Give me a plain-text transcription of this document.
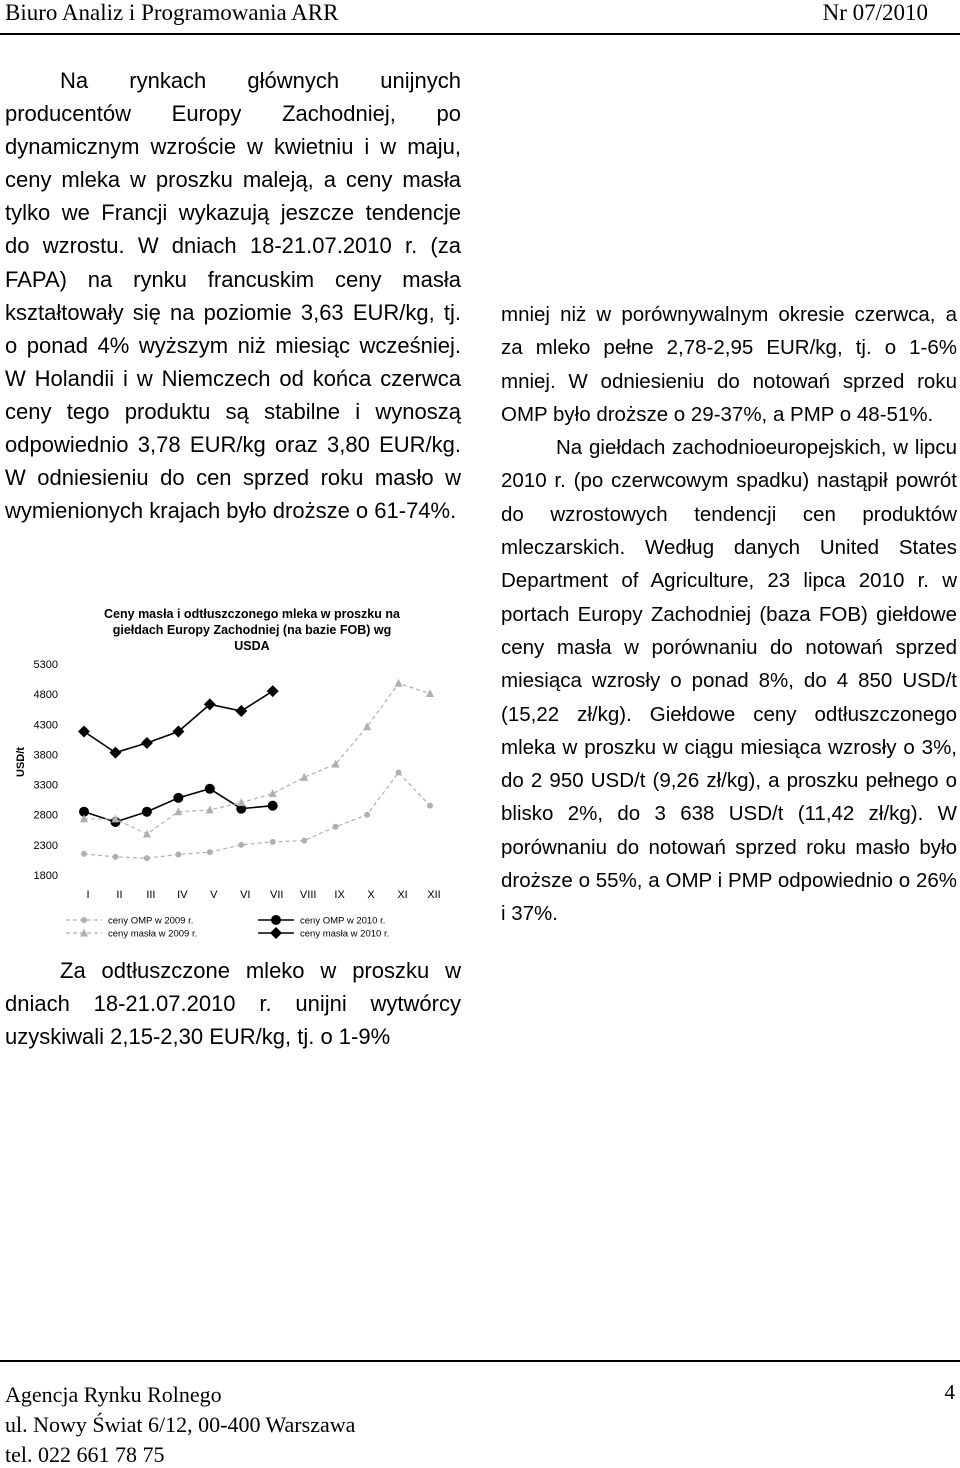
Biuro Analiz i Programowania ARR	Nr 07/2010

Na rynkach głównych unijnych producentów Europy Zachodniej, po dynamicznym wzroście w kwietniu i w maju, ceny mleka w proszku maleją, a ceny masła tylko we Francji wykazują jeszcze tendencje do wzrostu. W dniach 18-21.07.2010 r. (za FAPA) na rynku francuskim ceny masła kształtowały się na poziomie 3,63 EUR/kg, tj. o ponad 4% wyższym niż miesiąc wcześniej. W Holandii i w Niemczech od końca czerwca ceny tego produktu są stabilne i wynoszą odpowiednio 3,78 EUR/kg oraz 3,80 EUR/kg. W odniesieniu do cen sprzed roku masło w wymienionych krajach było droższe o 61-74%.

Za odtłuszczone mleko w proszku w dniach 18-21.07.2010 r. unijni wytwórcy uzyskiwali 2,15-2,30 EUR/kg, tj. o 1-9%

Ceny masła i odtłuszczonego mleka w proszku na giełdach Europy Zachodniej (na bazie FOB) wg USDA
USD/t
5300
4800
4300
3800
3300
2800
2300
1800
I II III IV V VI VII VIII IX X XI XII
ceny OMP w 2009 r.	ceny OMP w 2010 r.
ceny masła w 2009 r.	ceny masła w 2010 r.

mniej niż w porównywalnym okresie czerwca, a za mleko pełne 2,78-2,95 EUR/kg, tj. o 1-6% mniej. W odniesieniu do notowań sprzed roku OMP było droższe o 29-37%, a PMP o 48-51%.

Na giełdach zachodnioeuropejskich, w lipcu 2010 r. (po czerwcowym spadku) nastąpił powrót do wzrostowych tendencji cen produktów mleczarskich. Według danych United States Department of Agriculture, 23 lipca 2010 r. w portach Europy Zachodniej (baza FOB) giełdowe ceny masła w porównaniu do notowań sprzed miesiąca wzrosły o ponad 8%, do 4 850 USD/t (15,22 zł/kg). Giełdowe ceny odtłuszczonego mleka w proszku w ciągu miesiąca wzrosły o 3%, do 2 950 USD/t (9,26 zł/kg), a proszku pełnego o blisko 2%, do 3 638 USD/t (11,42 zł/kg). W porównaniu do notowań sprzed roku masło było droższe o 55%, a OMP i PMP odpowiednio o 26% i 37%.

Agencja Rynku Rolnego
ul. Nowy Świat 6/12, 00-400 Warszawa
tel. 022 661 78 75
4
